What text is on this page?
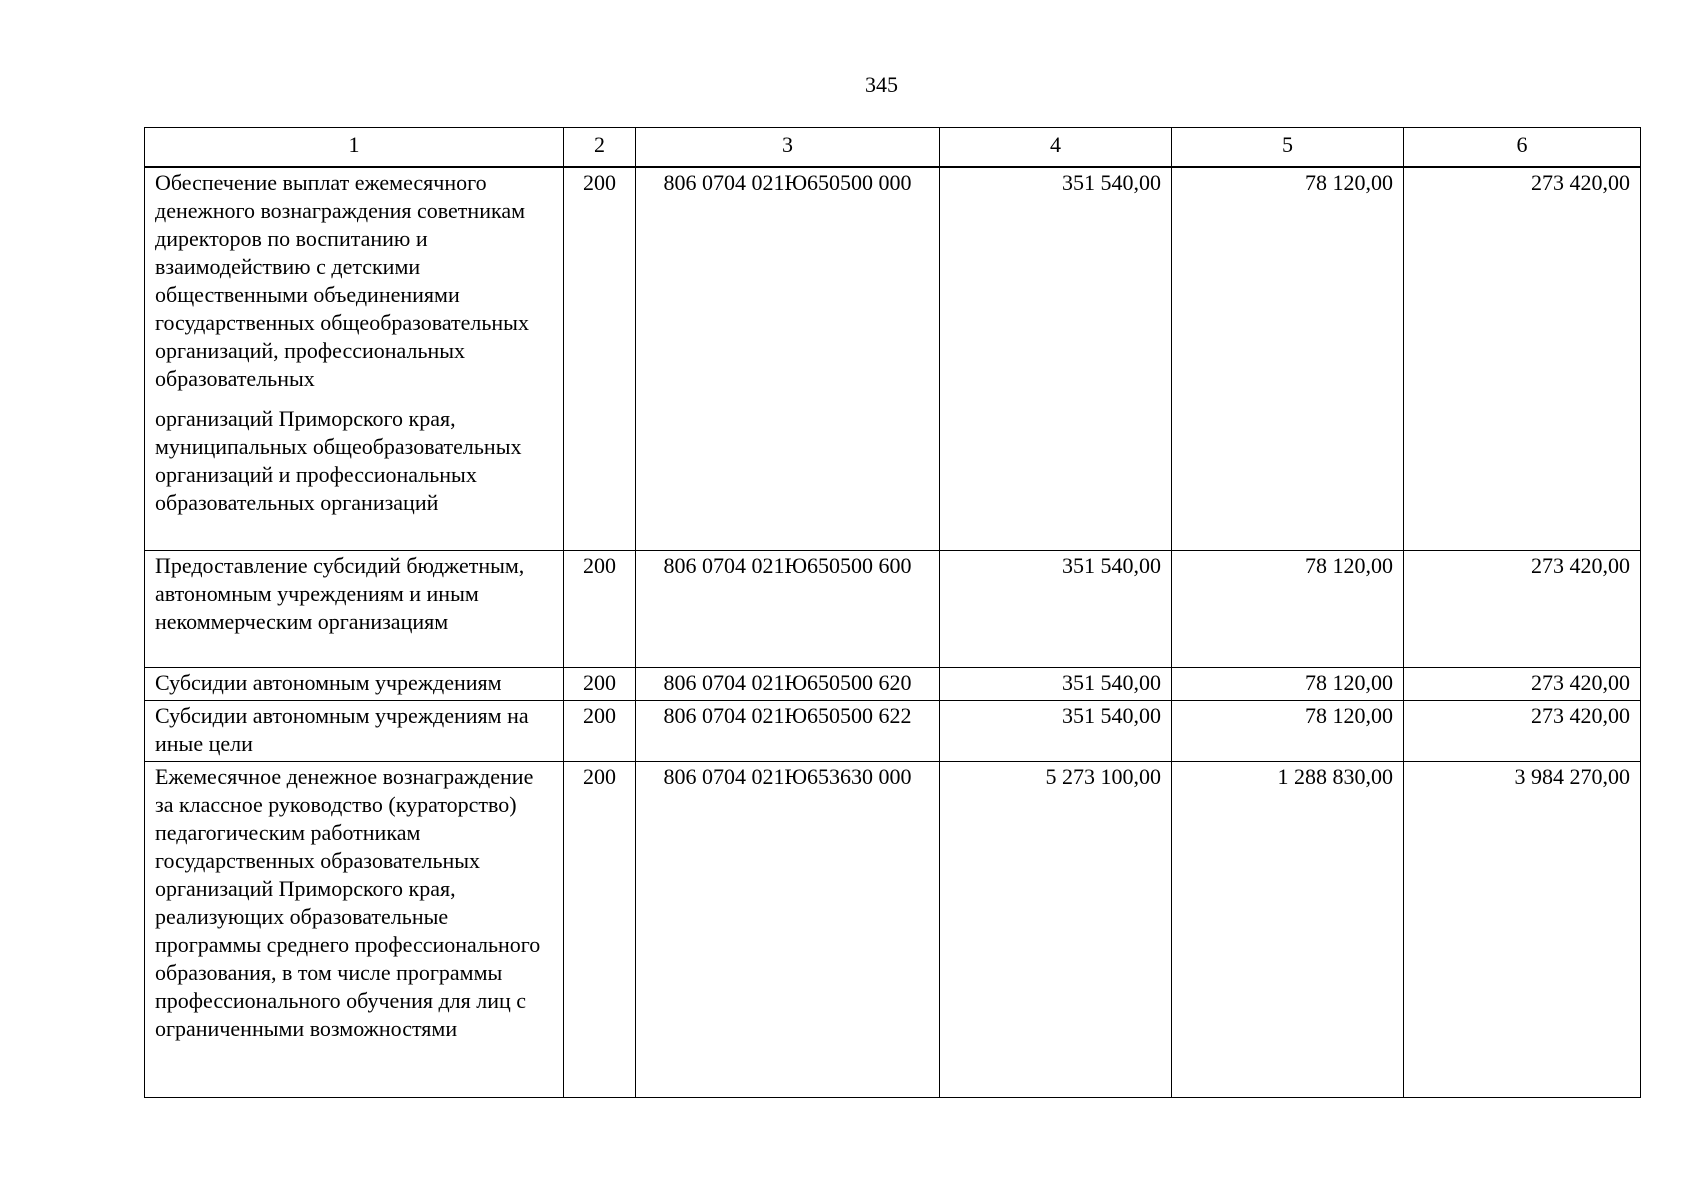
345
1	2	3	4	5	6

Обеспечение выплат ежемесячного денежного вознаграждения советникам директоров по воспитанию и взаимодействию с детскими общественными объединениями государственных общеобразовательных организаций, профессиональных образовательных
организаций Приморского края, муниципальных общеобразовательных организаций и профессиональных образовательных организаций	200	806 0704 021Ю650500 000	351 540,00	78 120,00	273 420,00

Предоставление субсидий бюджетным, автономным учреждениям и иным некоммерческим организациям	200	806 0704 021Ю650500 600	351 540,00	78 120,00	273 420,00

Субсидии автономным учреждениям	200	806 0704 021Ю650500 620	351 540,00	78 120,00	273 420,00

Субсидии автономным учреждениям на иные цели	200	806 0704 021Ю650500 622	351 540,00	78 120,00	273 420,00

Ежемесячное денежное вознаграждение за классное руководство (кураторство) педагогическим работникам государственных образовательных организаций Приморского края, реализующих образовательные программы среднего профессионального образования, в том числе программы профессионального обучения для лиц с ограниченными возможностями	200	806 0704 021Ю653630 000	5 273 100,00	1 288 830,00	3 984 270,00
